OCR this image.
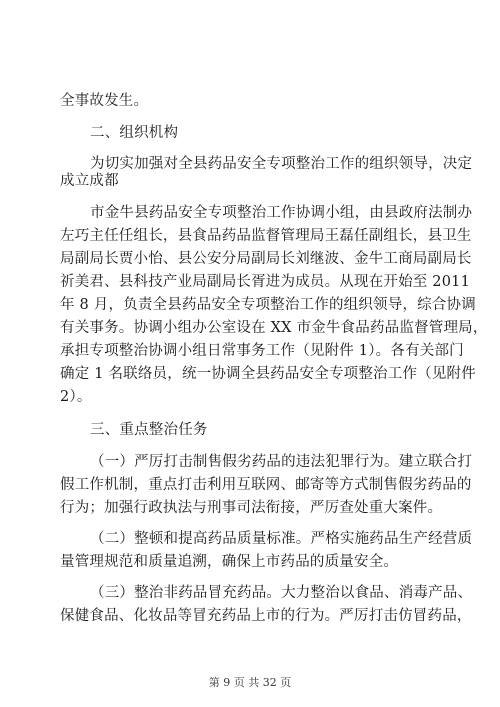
全事故发生。
二、组织机构
为切实加强对全县药品安全专项整治工作的组织领导，决定
成立成都
市金牛县药品安全专项整治工作协调小组，由县政府法制办
左巧主任任组长，县食品药品监督管理局王磊任副组长，县卫生
局副局长贾小怡、县公安分局副局长刘继波、金牛工商局副局长
祈美君、县科技产业局副局长胥进为成员。从现在开始至 2011
年 8 月，负责全县药品安全专项整治工作的组织领导，综合协调
有关事务。协调小组办公室设在 XX 市金牛食品药品监督管理局，
承担专项整治协调小组日常事务工作（见附件 1）。各有关部门
确定 1 名联络员，统一协调全县药品安全专项整治工作（见附件
2）。
三、重点整治任务
（一）严厉打击制售假劣药品的违法犯罪行为。建立联合打
假工作机制，重点打击利用互联网、邮寄等方式制售假劣药品的
行为；加强行政执法与刑事司法衔接，严厉查处重大案件。
（二）整顿和提高药品质量标准。严格实施药品生产经营质
量管理规范和质量追溯，确保上市药品的质量安全。
（三）整治非药品冒充药品。大力整治以食品、消毒产品、
保健食品、化妆品等冒充药品上市的行为。严厉打击仿冒药品，
第 9 页 共 32 页
